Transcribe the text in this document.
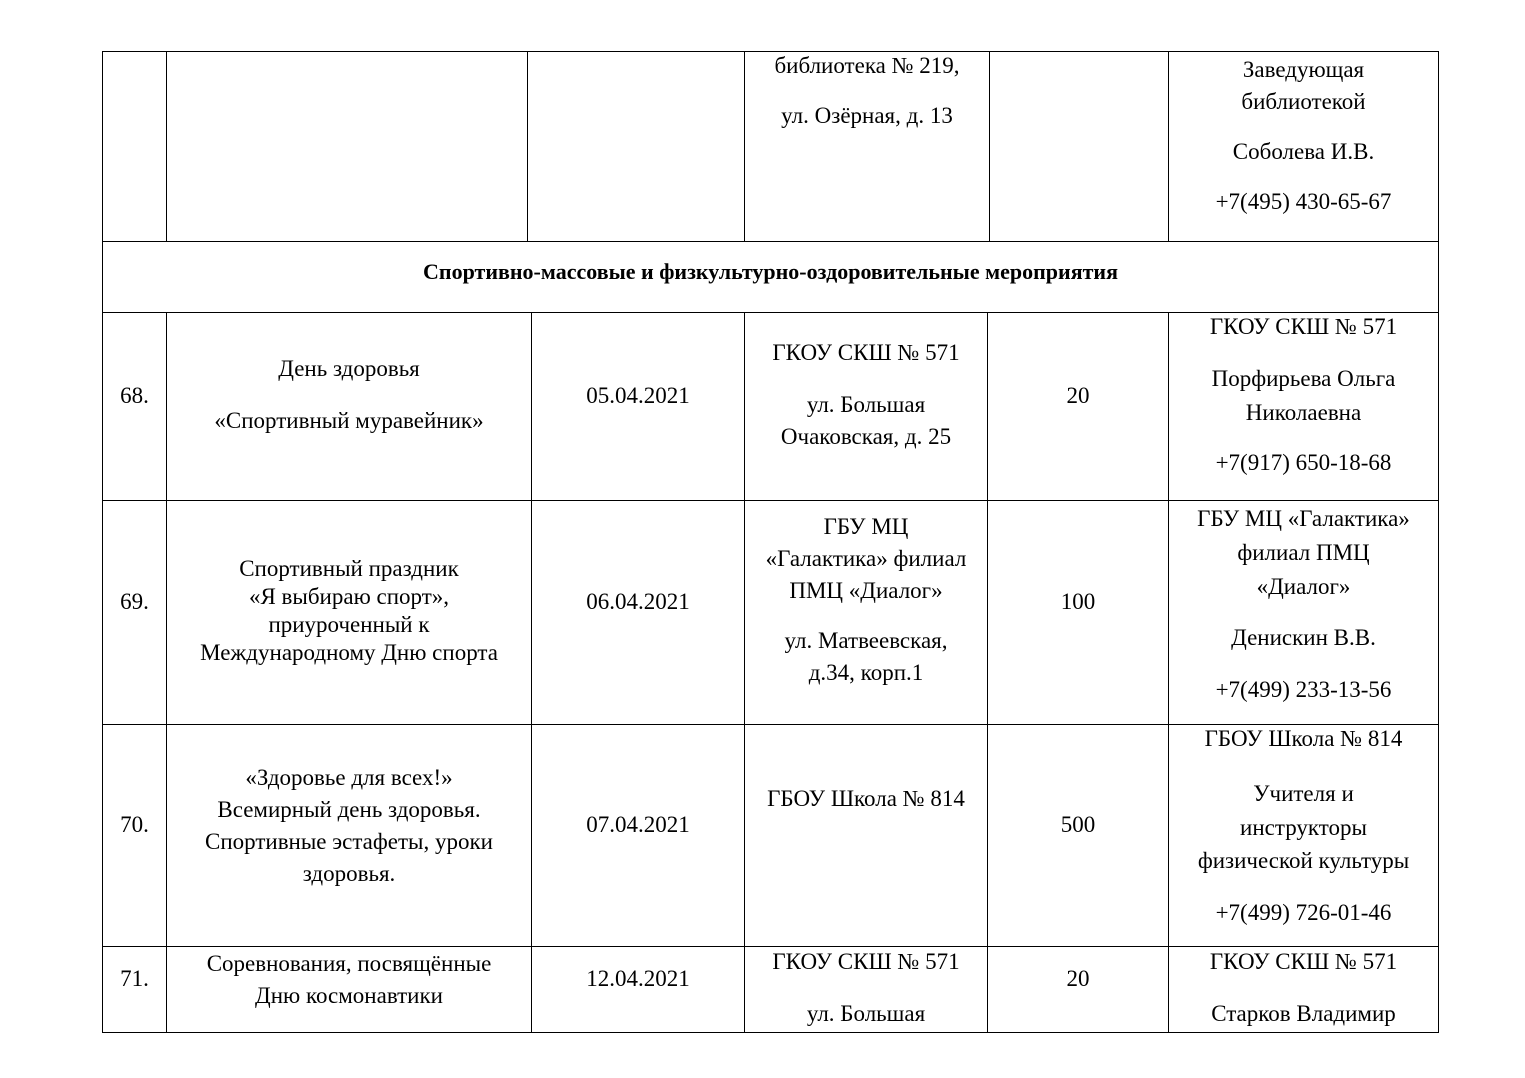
библиотека № 219,

ул. Озёрная, д. 13

Заведующая

библиотекой

Соболева И.В.

+7(495) 430-65-67

Спортивно-массовые и физкультурно-оздоровительные мероприятия

68.

День здоровья

«Спортивный муравейник»

05.04.2021

ГКОУ СКШ № 571

ул. Большая

Очаковская, д. 25

20

ГКОУ СКШ № 571

Порфирьева Ольга

Николаевна

+7(917) 650-18-68

69.

Спортивный праздник

«Я выбираю спорт»,

приуроченный к

Международному Дню спорта

06.04.2021

ГБУ МЦ

«Галактика» филиал

ПМЦ «Диалог»

ул. Матвеевская,

д.34, корп.1

100

ГБУ МЦ «Галактика»

филиал ПМЦ

«Диалог»

Денискин В.В.

+7(499) 233-13-56

70.

«Здоровье для всех!»

Всемирный день здоровья.

Спортивные эстафеты, уроки

здоровья.

07.04.2021

ГБОУ Школа № 814

500

ГБОУ Школа № 814

Учителя и

инструкторы

физической культуры

+7(499) 726-01-46

71.

Соревнования, посвящённые

Дню космонавтики

12.04.2021

ГКОУ СКШ № 571

ул. Большая

20

ГКОУ СКШ № 571

Старков Владимир
